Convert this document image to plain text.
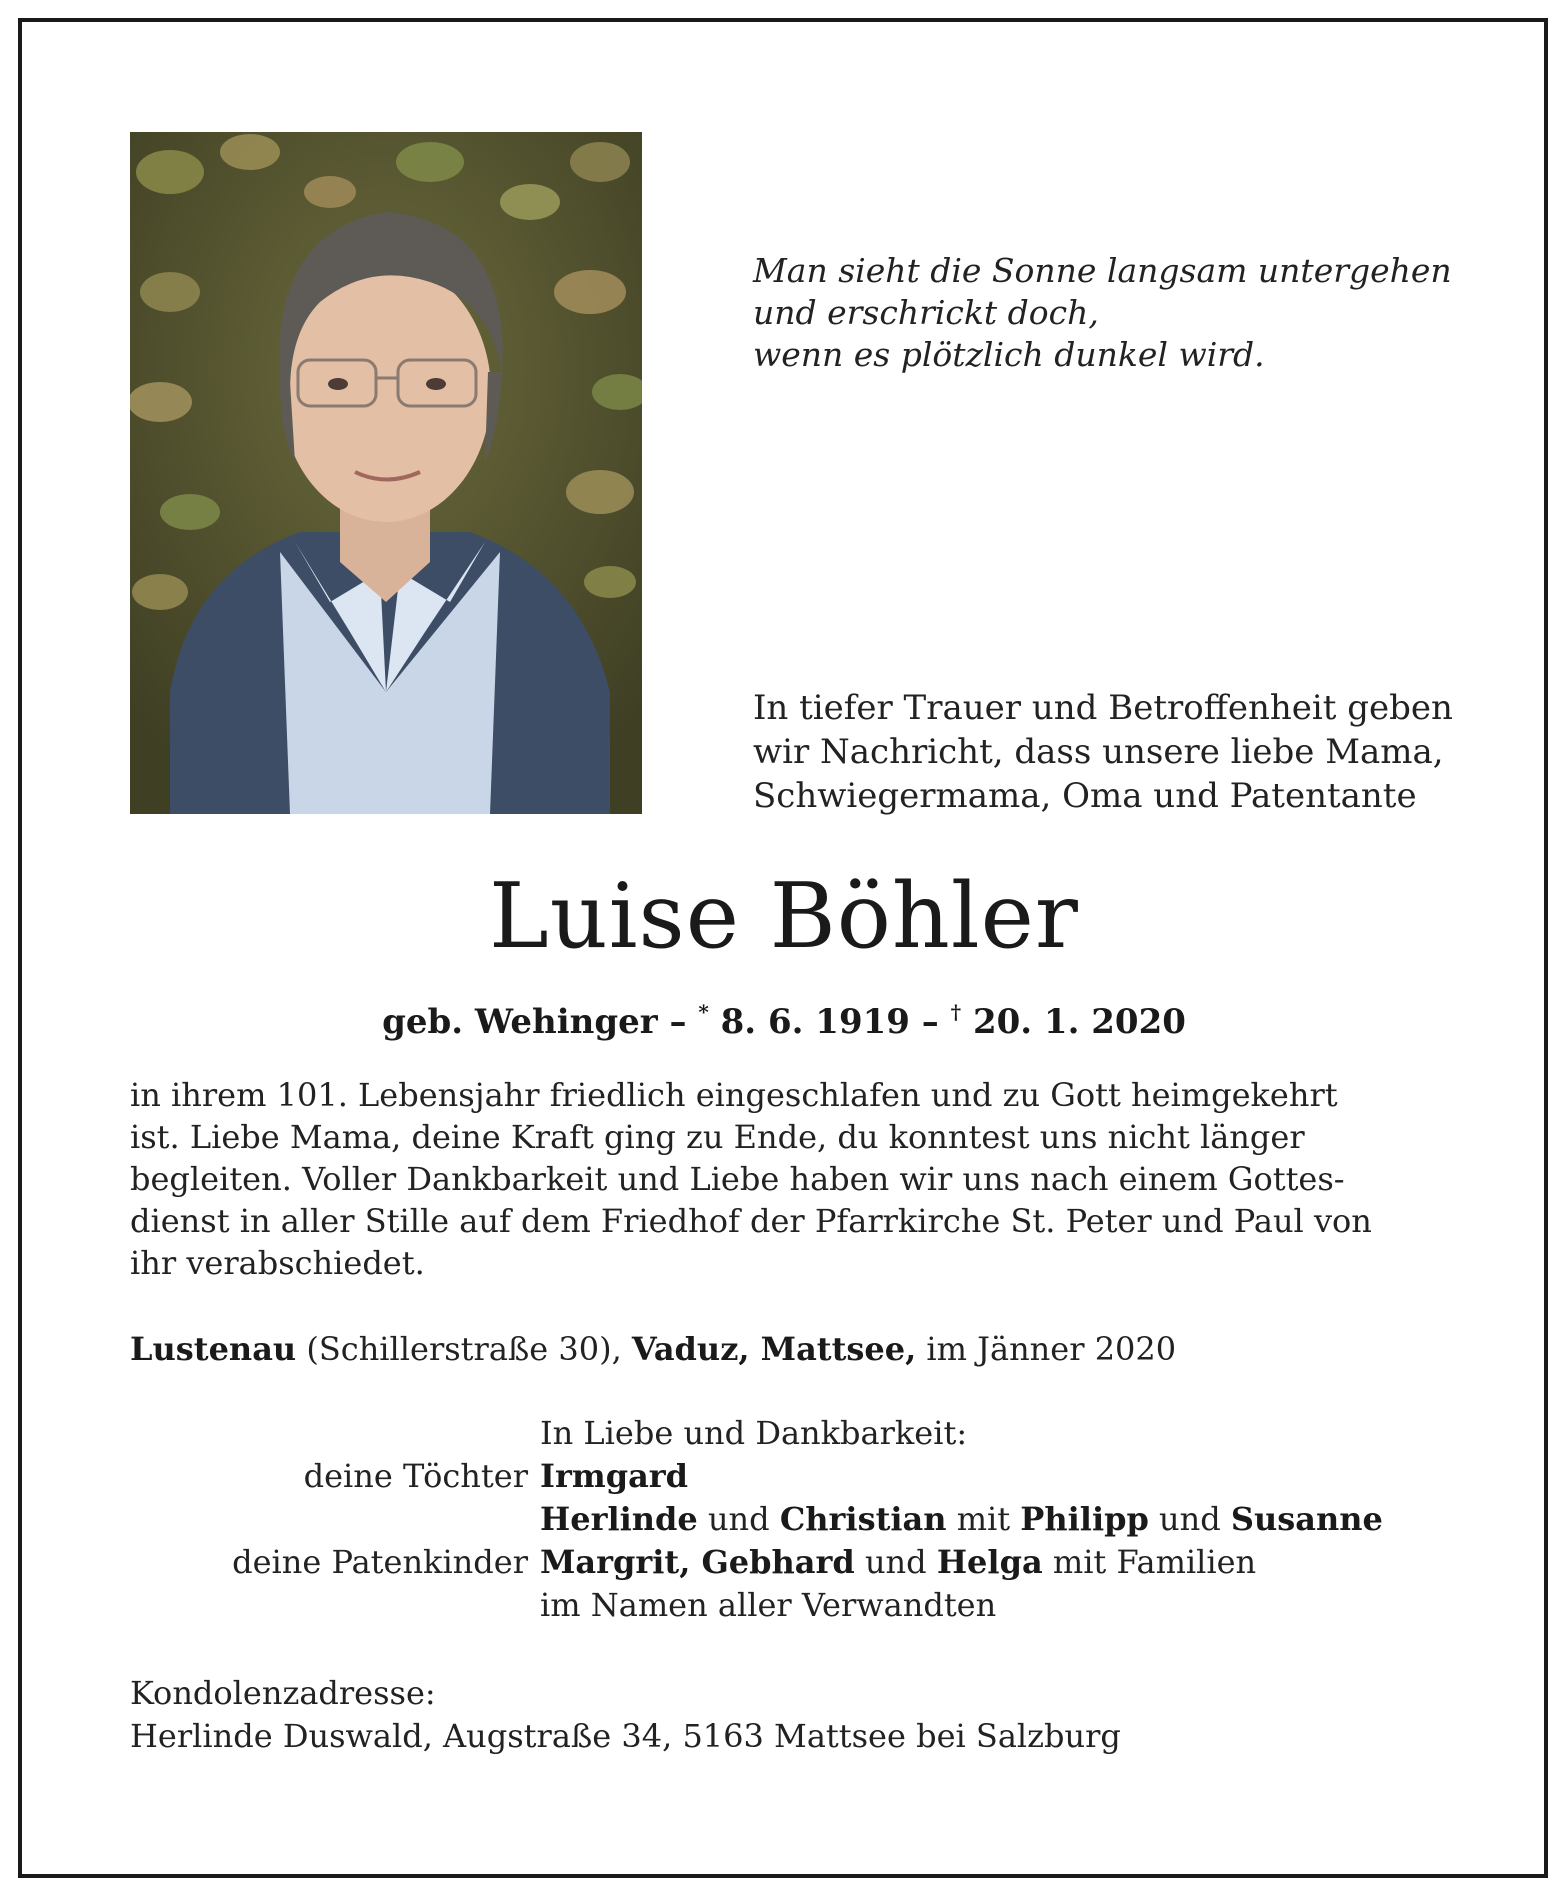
Man sieht die Sonne langsam untergehen
und erschrickt doch,
wenn es plötzlich dunkel wird.
In tiefer Trauer und Betroffenheit geben
wir Nachricht, dass unsere liebe Mama,
Schwiegermama, Oma und Patentante
Luise Böhler
geb. Wehinger – * 8. 6. 1919 – † 20. 1. 2020
in ihrem 101. Lebensjahr friedlich eingeschlafen und zu Gott heimgekehrt
ist. Liebe Mama, deine Kraft ging zu Ende, du konntest uns nicht länger
begleiten. Voller Dankbarkeit und Liebe haben wir uns nach einem Gottes-
dienst in aller Stille auf dem Friedhof der Pfarrkirche St. Peter und Paul von
ihr verabschiedet.
Lustenau (Schillerstraße 30), Vaduz, Mattsee, im Jänner 2020
In Liebe und Dankbarkeit:
deine Töchter Irmgard
Herlinde und Christian mit Philipp und Susanne
deine Patenkinder Margrit, Gebhard und Helga mit Familien
im Namen aller Verwandten
Kondolenzadresse:
Herlinde Duswald, Augstraße 34, 5163 Mattsee bei Salzburg
